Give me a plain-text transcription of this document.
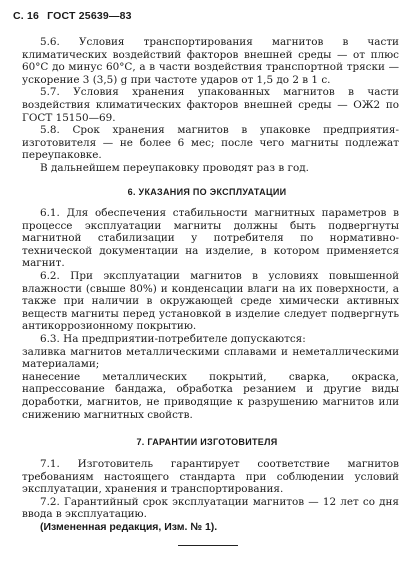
С. 16 ГОСТ 25639—83

5.6. Условия транспортирования магнитов в части климатических воздействий факторов внешней среды — от плюс 60°С до минус 60°С, а в части воздействия транспортной тряски — ускорение 3 (3,5) g при частоте ударов от 1,5 до 2 в 1 с.

5.7. Условия хранения упакованных магнитов в части воздействия климатических факторов внешней среды — ОЖ2 по ГОСТ 15150—69.

5.8. Срок хранения магнитов в упаковке предприятия-изготовителя — не более 6 мес; после чего магниты подлежат переупаковке.

В дальнейшем переупаковку проводят раз в год.

6. УКАЗАНИЯ ПО ЭКСПЛУАТАЦИИ

6.1. Для обеспечения стабильности магнитных параметров в процессе эксплуатации магниты должны быть подвергнуты магнитной стабилизации у потребителя по нормативно-технической документации на изделие, в котором применяется магнит.

6.2. При эксплуатации магнитов в условиях повышенной влажности (свыше 80%) и конденсации влаги на их поверхности, а также при наличии в окружающей среде химически активных веществ магниты перед установкой в изделие следует подвергнуть антикоррозионному покрытию.

6.3. На предприятии-потребителе допускаются:

заливка магнитов металлическими сплавами и неметаллическими материалами;

нанесение металлических покрытий, сварка, окраска, напрессование бандажа, обработка резанием и другие виды доработки, магнитов, не приводящие к разрушению магнитов или снижению магнитных свойств.

7. ГАРАНТИИ ИЗГОТОВИТЕЛЯ

7.1. Изготовитель гарантирует соответствие магнитов требованиям настоящего стандарта при соблюдении условий эксплуатации, хранения и транспортирования.

7.2. Гарантийный срок эксплуатации магнитов — 12 лет со дня ввода в эксплуатацию.

(Измененная редакция, Изм. № 1).
